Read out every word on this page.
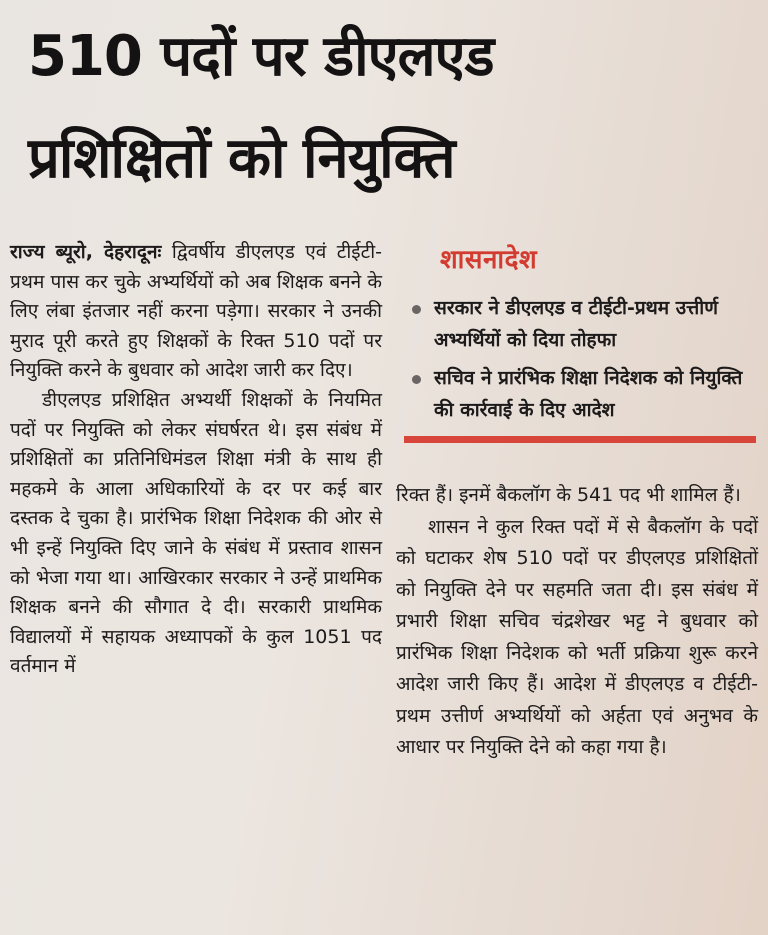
510 पदों पर डीएलएड
प्रशिक्षितों को नियुक्ति

राज्य ब्यूरो, देहरादूनः द्विवर्षीय डीएलएड एवं टीईटी-प्रथम पास कर चुके अभ्यर्थियों को अब शिक्षक बनने के लिए लंबा इंतजार नहीं करना पड़ेगा। सरकार ने उनकी मुराद पूरी करते हुए शिक्षकों के रिक्त 510 पदों पर नियुक्ति करने के बुधवार को आदेश जारी कर दिए।

डीएलएड प्रशिक्षित अभ्यर्थी शिक्षकों के नियमित पदों पर नियुक्ति को लेकर संघर्षरत थे। इस संबंध में प्रशिक्षितों का प्रतिनिधिमंडल शिक्षा मंत्री के साथ ही महकमे के आला अधिकारियों के दर पर कई बार दस्तक दे चुका है। प्रारंभिक शिक्षा निदेशक की ओर से भी इन्हें नियुक्ति दिए जाने के संबंध में प्रस्ताव शासन को भेजा गया था। आखिरकार सरकार ने उन्हें प्राथमिक शिक्षक बनने की सौगात दे दी। सरकारी प्राथमिक विद्यालयों में सहायक अध्यापकों के कुल 1051 पद वर्तमान में

शासनादेश
सरकार ने डीएलएड व टीईटी-प्रथम उत्तीर्ण अभ्यर्थियों को दिया तोहफा
सचिव ने प्रारंभिक शिक्षा निदेशक को नियुक्ति की कार्रवाई के दिए आदेश

रिक्त हैं। इनमें बैकलॉग के 541 पद भी शामिल हैं।

शासन ने कुल रिक्त पदों में से बैकलॉग के पदों को घटाकर शेष 510 पदों पर डीएलएड प्रशिक्षितों को नियुक्ति देने पर सहमति जता दी। इस संबंध में प्रभारी शिक्षा सचिव चंद्रशेखर भट्ट ने बुधवार को प्रारंभिक शिक्षा निदेशक को भर्ती प्रक्रिया शुरू करने आदेश जारी किए हैं। आदेश में डीएलएड व टीईटी-प्रथम उत्तीर्ण अभ्यर्थियों को अर्हता एवं अनुभव के आधार पर नियुक्ति देने को कहा गया है।
